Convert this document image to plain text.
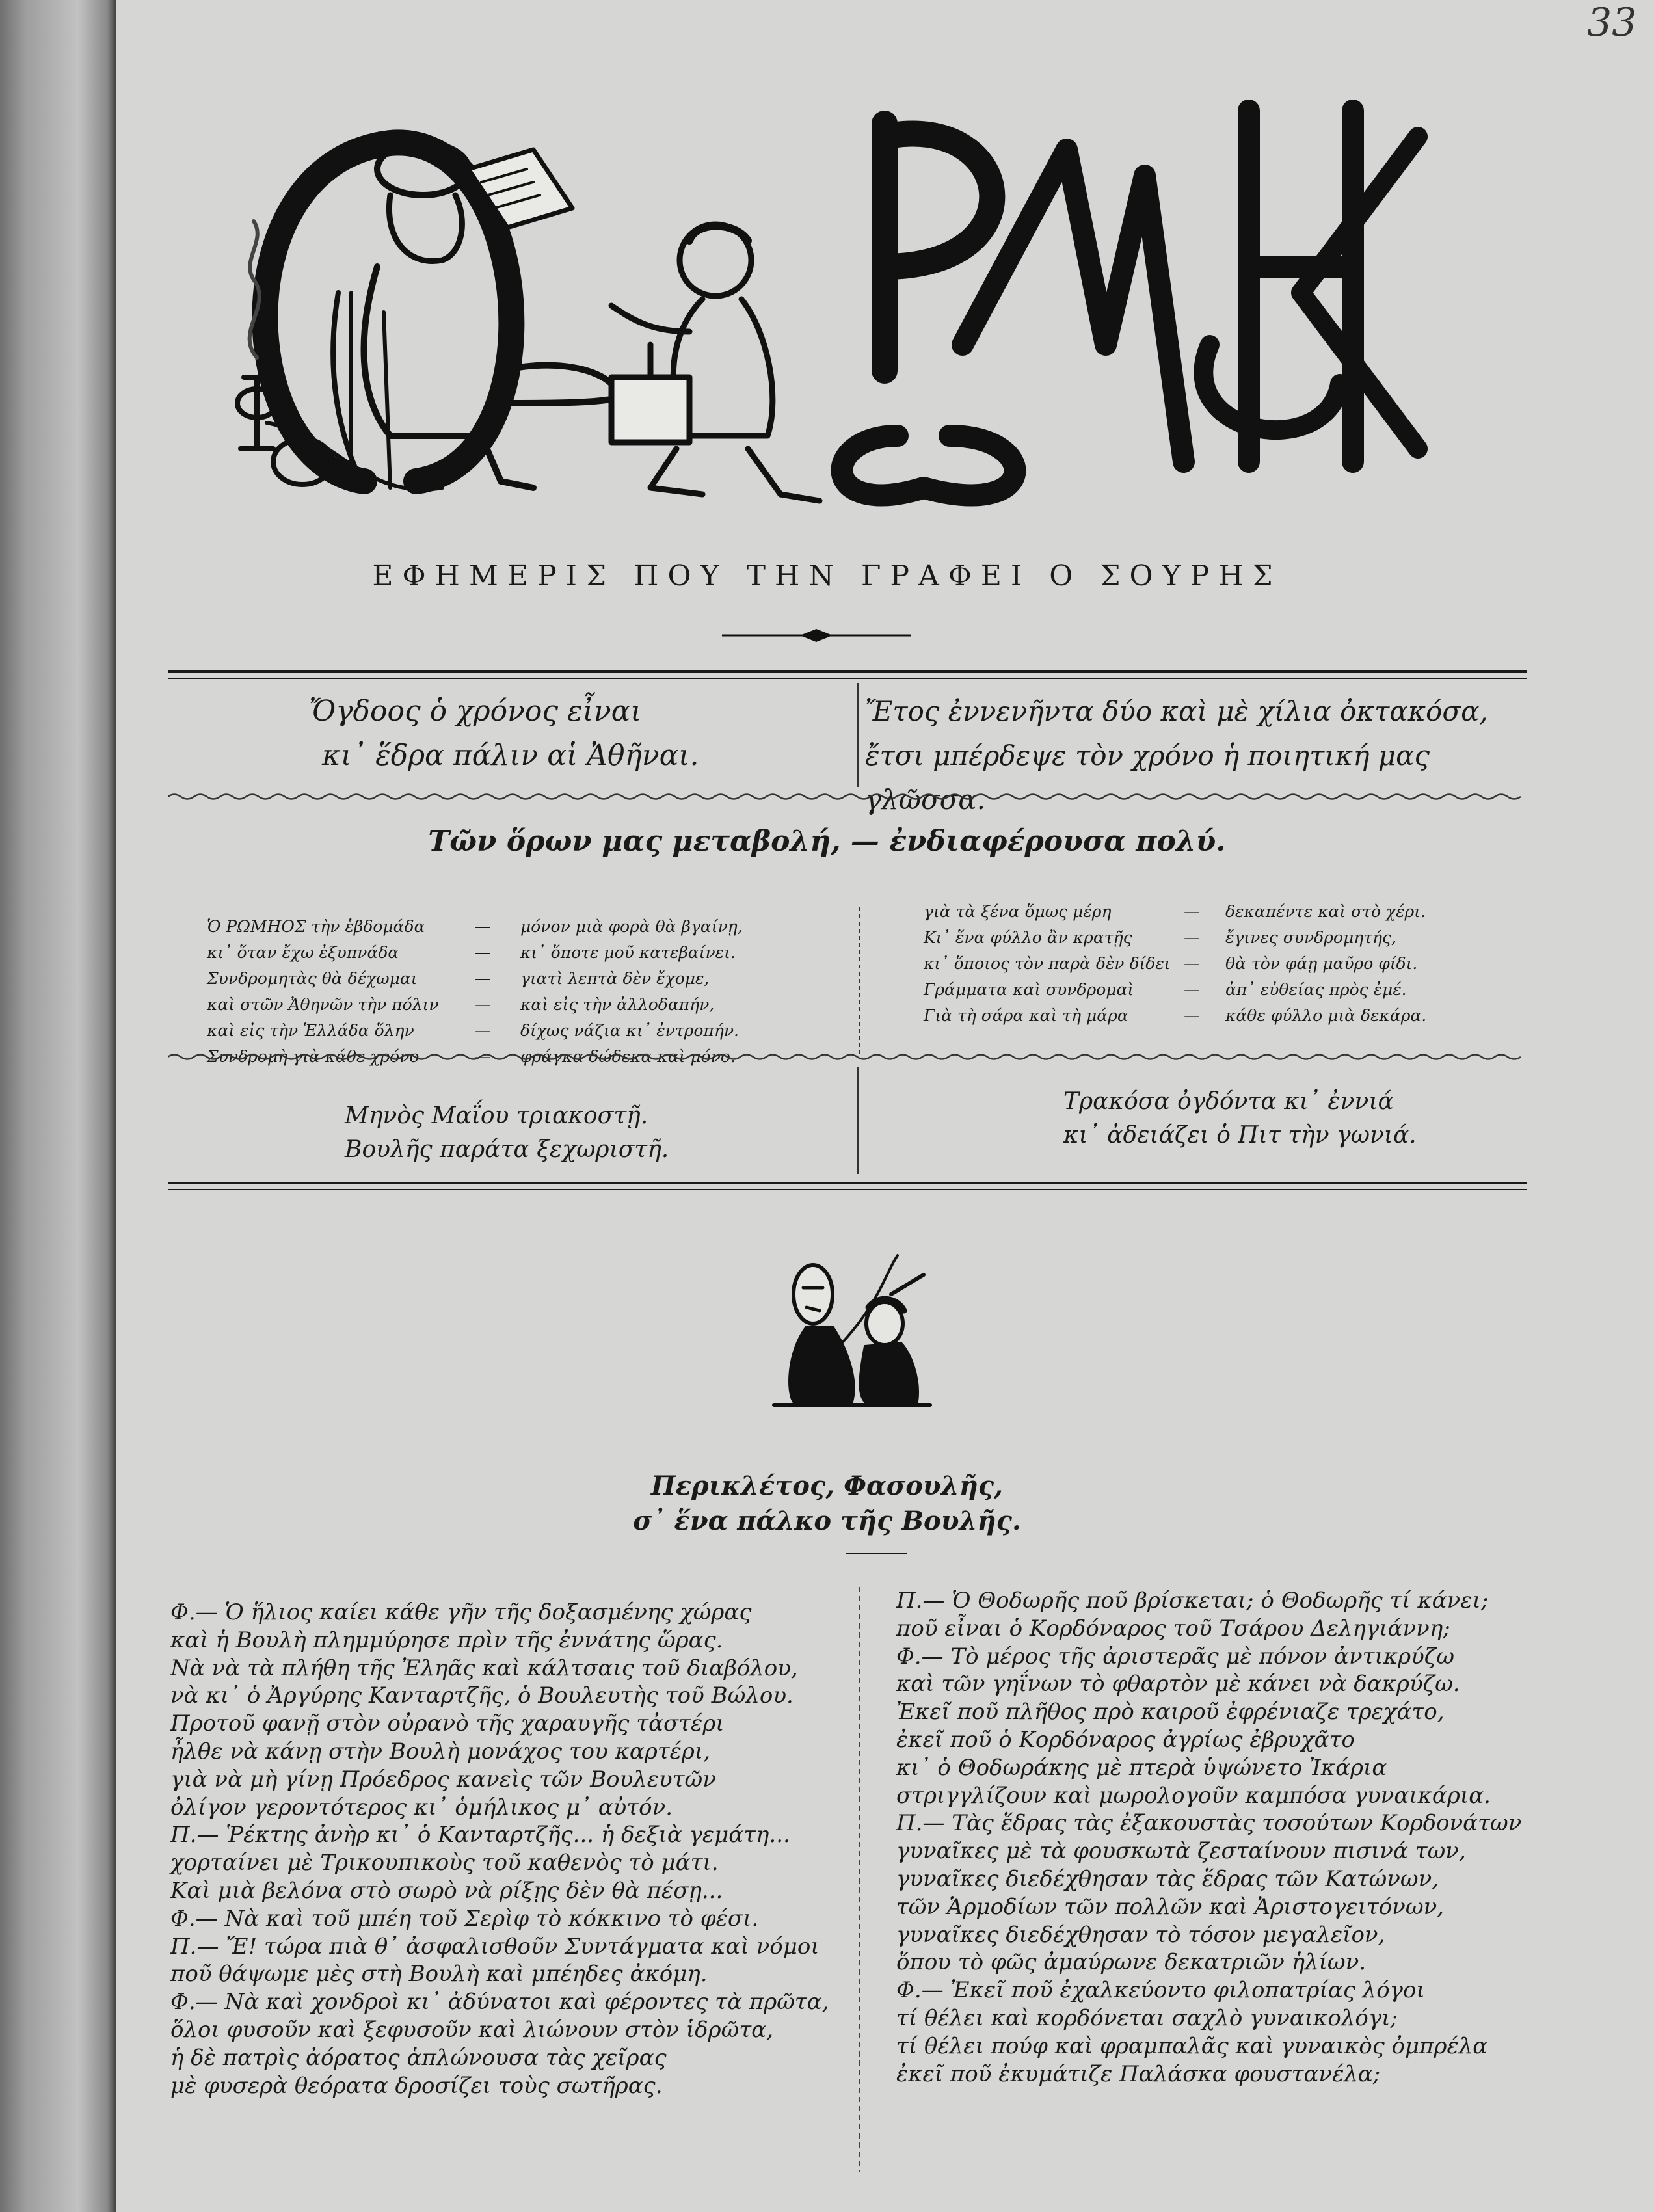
33
ΕΦΗΜΕΡΙΣ ΠΟΥ ΤΗΝ ΓΡΑΦΕΙ Ο ΣΟΥΡΗΣ
Ὄγδοος ὁ χρόνος εἶναι
κι᾽ ἕδρα πάλιν αἱ Ἀθῆναι.
Ἔτος ἐννενῆντα δύο καὶ μὲ χίλια ὀκτακόσα,
ἔτσι μπέρδεψε τὸν χρόνο ἡ ποιητική μας γλῶσσα.
Τῶν ὅρων μας μεταβολή, — ἐνδιαφέρουσα πολύ.
Ὁ ΡΩΜΗΟΣ τὴν ἑβδομάδα	— μόνον μιὰ φορὰ θὰ βγαίνῃ,
κι᾽ ὅταν ἔχω ἐξυπνάδα	— κι᾽ ὅποτε μοῦ κατεβαίνει.
Συνδρομητὰς θὰ δέχωμαι	— γιατὶ λεπτὰ δὲν ἔχομε,
καὶ στῶν Ἀθηνῶν τὴν πόλιν — καὶ εἰς τὴν ἀλλοδαπήν,
καὶ εἰς τὴν Ἑλλάδα ὅλην	— δίχως νάζια κι᾽ ἐντροπήν.
Συνδρομὴ γιὰ κάθε χρόνο	— φράγκα δώδεκα καὶ μόνο.
γιὰ τὰ ξένα ὅμως μέρη	— δεκαπέντε καὶ στὸ χέρι.
Κι᾽ ἕνα φύλλο ἂν κρατῇς	— ἔγινες συνδρομητής,
κι᾽ ὅποιος τὸν παρὰ δὲν δίδει — θὰ τὸν φάῃ μαῦρο φίδι.
Γράμματα καὶ συνδρομαὶ	— ἀπ᾽ εὐθείας πρὸς ἐμέ.
Γιὰ τὴ σάρα καὶ τὴ μάρα	— κάθε φύλλο μιὰ δεκάρα.
Μηνὸς Μαΐου τριακοστῇ.
Βουλῆς παράτα ξεχωριστῆ.
Τρακόσα ὀγδόντα κι᾽ ἐννιά
κι᾽ ἀδειάζει ὁ Πιτ τὴν γωνιά.
Περικλέτος, Φασουλῆς,
σ᾽ ἕνα πάλκο τῆς Βουλῆς.
Φ.— Ὁ ἥλιος καίει κάθε γῆν τῆς δοξασμένης χώρας
καὶ ἡ Βουλὴ πλημμύρησε πρὶν τῆς ἐννάτης ὥρας.
Νὰ νὰ τὰ πλήθη τῆς Ἐληᾶς καὶ κάλτσαις τοῦ διαβόλου,
νὰ κι᾽ ὁ Ἀργύρης Κανταρτζῆς, ὁ Βουλευτὴς τοῦ Βώλου.
Προτοῦ φανῇ στὸν οὐρανὸ τῆς χαραυγῆς τἀστέρι
ἦλθε νὰ κάνῃ στὴν Βουλὴ μονάχος του καρτέρι,
γιὰ νὰ μὴ γίνῃ Πρόεδρος κανεὶς τῶν Βουλευτῶν
ὀλίγον γεροντότερος κι᾽ ὁμήλικος μ᾽ αὐτόν.
Π.— Ῥέκτης ἀνὴρ κι᾽ ὁ Κανταρτζῆς... ἡ δεξιὰ γεμάτη...
χορταίνει μὲ Τρικουπικοὺς τοῦ καθενὸς τὸ μάτι.
Καὶ μιὰ βελόνα στὸ σωρὸ νὰ ρίξῃς δὲν θὰ πέσῃ...
Φ.— Νὰ καὶ τοῦ μπέη τοῦ Σερὶφ τὸ κόκκινο τὸ φέσι.
Π.— Ἔ! τώρα πιὰ θ᾽ ἀσφαλισθοῦν Συντάγματα καὶ νόμοι
ποῦ θάψωμε μὲς στὴ Βουλὴ καὶ μπέηδες ἀκόμη.
Φ.— Νὰ καὶ χονδροὶ κι᾽ ἀδύνατοι καὶ φέροντες τὰ πρῶτα,
ὅλοι φυσοῦν καὶ ξεφυσοῦν καὶ λιώνουν στὸν ἱδρῶτα,
ἡ δὲ πατρὶς ἀόρατος ἁπλώνουσα τὰς χεῖρας
μὲ φυσερὰ θεόρατα δροσίζει τοὺς σωτῆρας.
Π.— Ὁ Θοδωρῆς ποῦ βρίσκεται; ὁ Θοδωρῆς τί κάνει;
ποῦ εἶναι ὁ Κορδόναρος τοῦ Τσάρου Δεληγιάννη;
Φ.— Τὸ μέρος τῆς ἀριστερᾶς μὲ πόνον ἀντικρύζω
καὶ τῶν γηΐνων τὸ φθαρτὸν μὲ κάνει νὰ δακρύζω.
Ἐκεῖ ποῦ πλῆθος πρὸ καιροῦ ἐφρένιαζε τρεχάτο,
ἐκεῖ ποῦ ὁ Κορδόναρος ἀγρίως ἐβρυχᾶτο
κι᾽ ὁ Θοδωράκης μὲ πτερὰ ὑψώνετο Ἰκάρια
στριγγλίζουν καὶ μωρολογοῦν καμπόσα γυναικάρια.
Π.— Τὰς ἕδρας τὰς ἐξακουστὰς τοσούτων Κορδονάτων
γυναῖκες μὲ τὰ φουσκωτὰ ζεσταίνουν πισινά των,
γυναῖκες διεδέχθησαν τὰς ἕδρας τῶν Κατώνων,
τῶν Ἁρμοδίων τῶν πολλῶν καὶ Ἀριστογειτόνων,
γυναῖκες διεδέχθησαν τὸ τόσον μεγαλεῖον,
ὅπου τὸ φῶς ἀμαύρωνε δεκατριῶν ἡλίων.
Φ.— Ἐκεῖ ποῦ ἐχαλκεύοντο φιλοπατρίας λόγοι
τί θέλει καὶ κορδόνεται σαχλὸ γυναικολόγι;
τί θέλει πούφ καὶ φραμπαλᾶς καὶ γυναικὸς ὀμπρέλα
ἐκεῖ ποῦ ἐκυμάτιζε Παλάσκα φουστανέλα;
